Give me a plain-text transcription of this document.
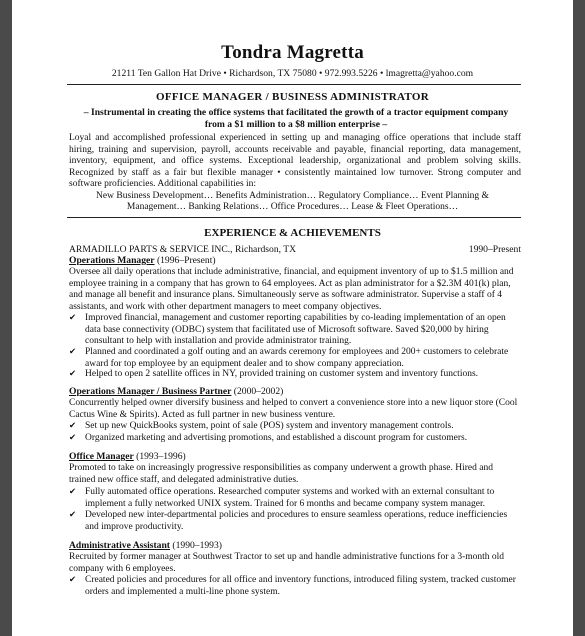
Tondra Magretta
21211 Ten Gallon Hat Drive • Richardson, TX 75080 • 972.993.5226 • lmagretta@yahoo.com
OFFICE MANAGER / BUSINESS ADMINISTRATOR
– Instrumental in creating the office systems that facilitated the growth of a tractor equipment company from a $1 million to a $8 million enterprise –
Loyal and accomplished professional experienced in setting up and managing office operations that include staff hiring, training and supervision, payroll, accounts receivable and payable, financial reporting, data management, inventory, equipment, and office systems. Exceptional leadership, organizational and problem solving skills. Recognized by staff as a fair but flexible manager • consistently maintained low turnover. Strong computer and software proficiencies. Additional capabilities in:
New Business Development… Benefits Administration… Regulatory Compliance… Event Planning &
Management… Banking Relations… Office Procedures… Lease & Fleet Operations…
EXPERIENCE & ACHIEVEMENTS
ARMADILLO PARTS & SERVICE INC., Richardson, TX	1990–Present
Operations Manager (1996–Present)
Oversee all daily operations that include administrative, financial, and equipment inventory of up to $1.5 million and employee training in a company that has grown to 64 employees. Act as plan administrator for a $2.3M 401(k) plan, and manage all benefit and insurance plans. Simultaneously serve as software administrator. Supervise a staff of 4 assistants, and work with other department managers to meet company objectives.
✔ Improved financial, management and customer reporting capabilities by co-leading implementation of an open data base connectivity (ODBC) system that facilitated use of Microsoft software. Saved $20,000 by hiring consultant to help with installation and provide administrator training.
✔ Planned and coordinated a golf outing and an awards ceremony for employees and 200+ customers to celebrate award for top employee by an equipment dealer and to show company appreciation.
✔ Helped to open 2 satellite offices in NY, provided training on customer system and inventory functions.
Operations Manager / Business Partner (2000–2002)
Concurrently helped owner diversify business and helped to convert a convenience store into a new liquor store (Cool Cactus Wine & Spirits). Acted as full partner in new business venture.
✔ Set up new QuickBooks system, point of sale (POS) system and inventory management controls.
✔ Organized marketing and advertising promotions, and established a discount program for customers.
Office Manager (1993–1996)
Promoted to take on increasingly progressive responsibilities as company underwent a growth phase. Hired and trained new office staff, and delegated administrative duties.
✔ Fully automated office operations. Researched computer systems and worked with an external consultant to implement a fully networked UNIX system. Trained for 6 months and became company system manager.
✔ Developed new inter-departmental policies and procedures to ensure seamless operations, reduce inefficiencies and improve productivity.
Administrative Assistant (1990–1993)
Recruited by former manager at Southwest Tractor to set up and handle administrative functions for a 3-month old company with 6 employees.
✔ Created policies and procedures for all office and inventory functions, introduced filing system, tracked customer orders and implemented a multi-line phone system.
